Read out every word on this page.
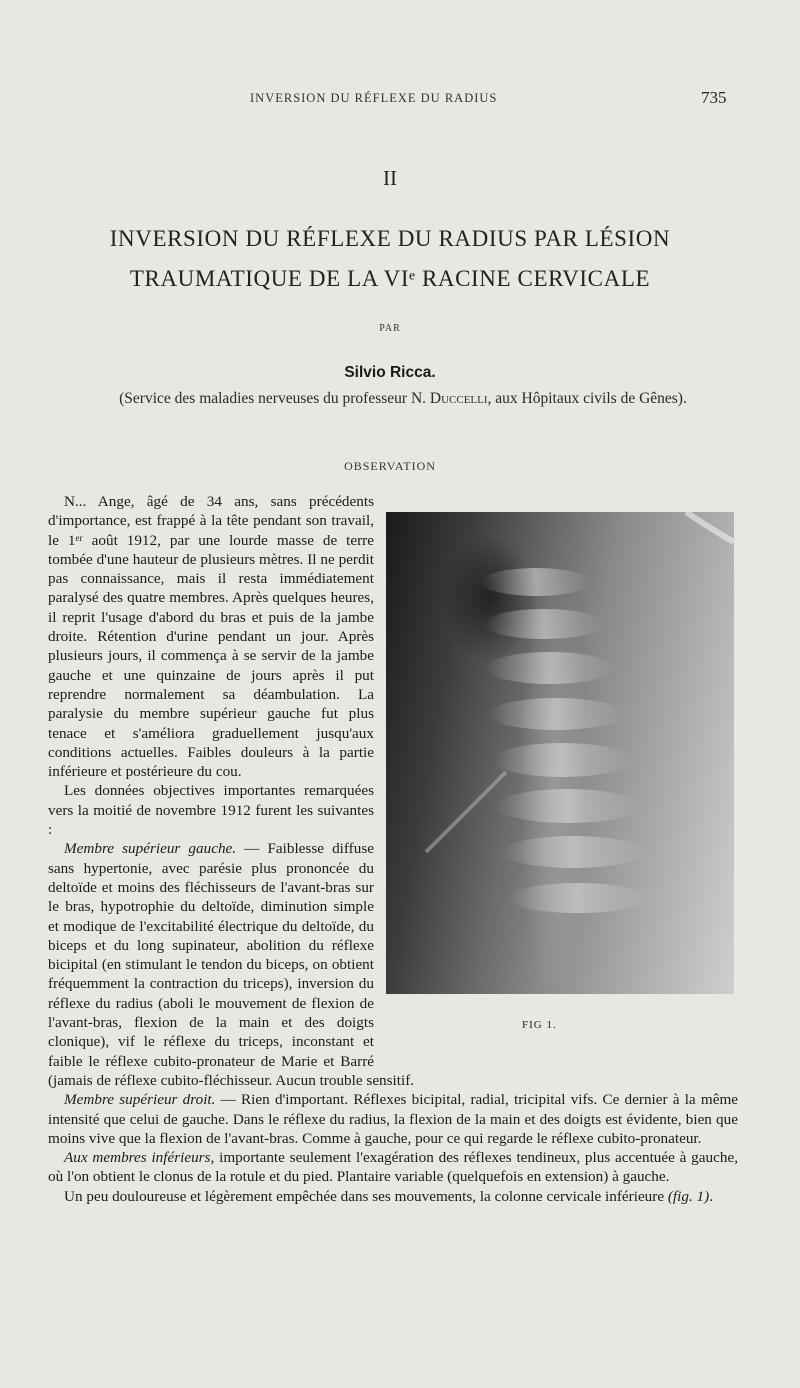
INVERSION DU RÉFLEXE DU RADIUS	735
II
INVERSION DU RÉFLEXE DU RADIUS PAR LÉSION
TRAUMATIQUE DE LA VIᵉ RACINE CERVICALE
PAR
Silvio Ricca.
(Service des maladies nerveuses du professeur N. Duccelli, aux Hôpitaux civils de Gênes).
OBSERVATION
FIG 1.

N... Ange, âgé de 34 ans, sans précédents d'importance, est frappé à la tête pendant son travail, le 1ᵉʳ août 1912, par une lourde masse de terre tombée d'une hauteur de plusieurs mètres. Il ne perdit pas connaissance, mais il resta immédiatement paralysé des quatre membres. Après quelques heures, il reprit l'usage d'abord du bras et puis de la jambe droite. Rétention d'urine pendant un jour. Après plusieurs jours, il commença à se servir de la jambe gauche et une quinzaine de jours après il put reprendre normalement sa déambulation. La paralysie du membre supérieur gauche fut plus tenace et s'améliora graduellement jusqu'aux conditions actuelles. Faibles douleurs à la partie inférieure et postérieure du cou.

Les données objectives importantes remarquées vers la moitié de novembre 1912 furent les suivantes :

Membre supérieur gauche. — Faiblesse diffuse sans hypertonie, avec parésie plus prononcée du deltoïde et moins des fléchisseurs de l'avant-bras sur le bras, hypotrophie du deltoïde, diminution simple et modique de l'excitabilité électrique du deltoïde, du biceps et du long supinateur, abolition du réflexe bicipital (en stimulant le tendon du biceps, on obtient fréquemment la contraction du triceps), inversion du réflexe du radius (aboli le mouvement de flexion de l'avant-bras, flexion de la main et des doigts clonique), vif le réflexe du triceps, inconstant et faible le réflexe cubito-pronateur de Marie et Barré (jamais de réflexe cubito-fléchisseur. Aucun trouble sensitif.

Membre supérieur droit. — Rien d'important. Réflexes bicipital, radial, tricipital vifs. Ce dernier à la même intensité que celui de gauche. Dans le réflexe du radius, la flexion de la main et des doigts est évidente, bien que moins vive que la flexion de l'avant-bras. Comme à gauche, pour ce qui regarde le réflexe cubito-pronateur.

Aux membres inférieurs, importante seulement l'exagération des réflexes tendineux, plus accentuée à gauche, où l'on obtient le clonus de la rotule et du pied. Plantaire variable (quelquefois en extension) à gauche.

Un peu douloureuse et légèrement empêchée dans ses mouvements, la colonne cervicale inférieure (fig. 1).
